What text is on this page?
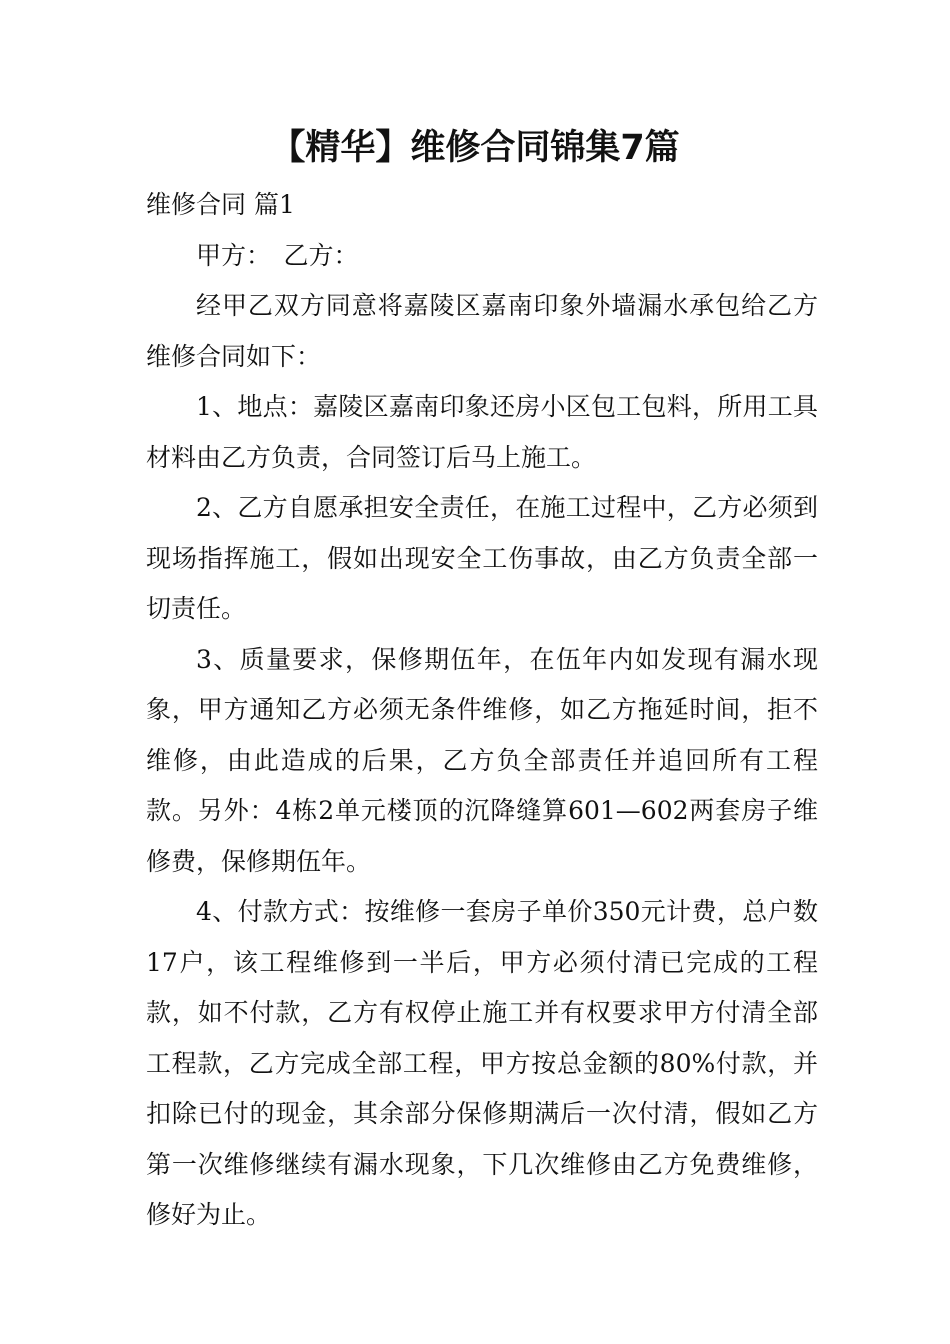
【精华】维修合同锦集7篇

维修合同 篇1

甲方：　乙方：

经甲乙双方同意将嘉陵区嘉南印象外墙漏水承包给乙方维修合同如下：

1、地点：嘉陵区嘉南印象还房小区包工包料，所用工具材料由乙方负责，合同签订后马上施工。

2、乙方自愿承担安全责任，在施工过程中，乙方必须到现场指挥施工，假如出现安全工伤事故，由乙方负责全部一切责任。

3、质量要求，保修期伍年，在伍年内如发现有漏水现象，甲方通知乙方必须无条件维修，如乙方拖延时间，拒不维修，由此造成的后果，乙方负全部责任并追回所有工程款。另外：4栋2单元楼顶的沉降缝算601—602两套房子维修费，保修期伍年。

4、付款方式：按维修一套房子单价350元计费，总户数17户，该工程维修到一半后，甲方必须付清已完成的工程款，如不付款，乙方有权停止施工并有权要求甲方付清全部工程款，乙方完成全部工程，甲方按总金额的80%付款，并扣除已付的现金，其余部分保修期满后一次付清，假如乙方第一次维修继续有漏水现象，下几次维修由乙方免费维修，修好为止。
